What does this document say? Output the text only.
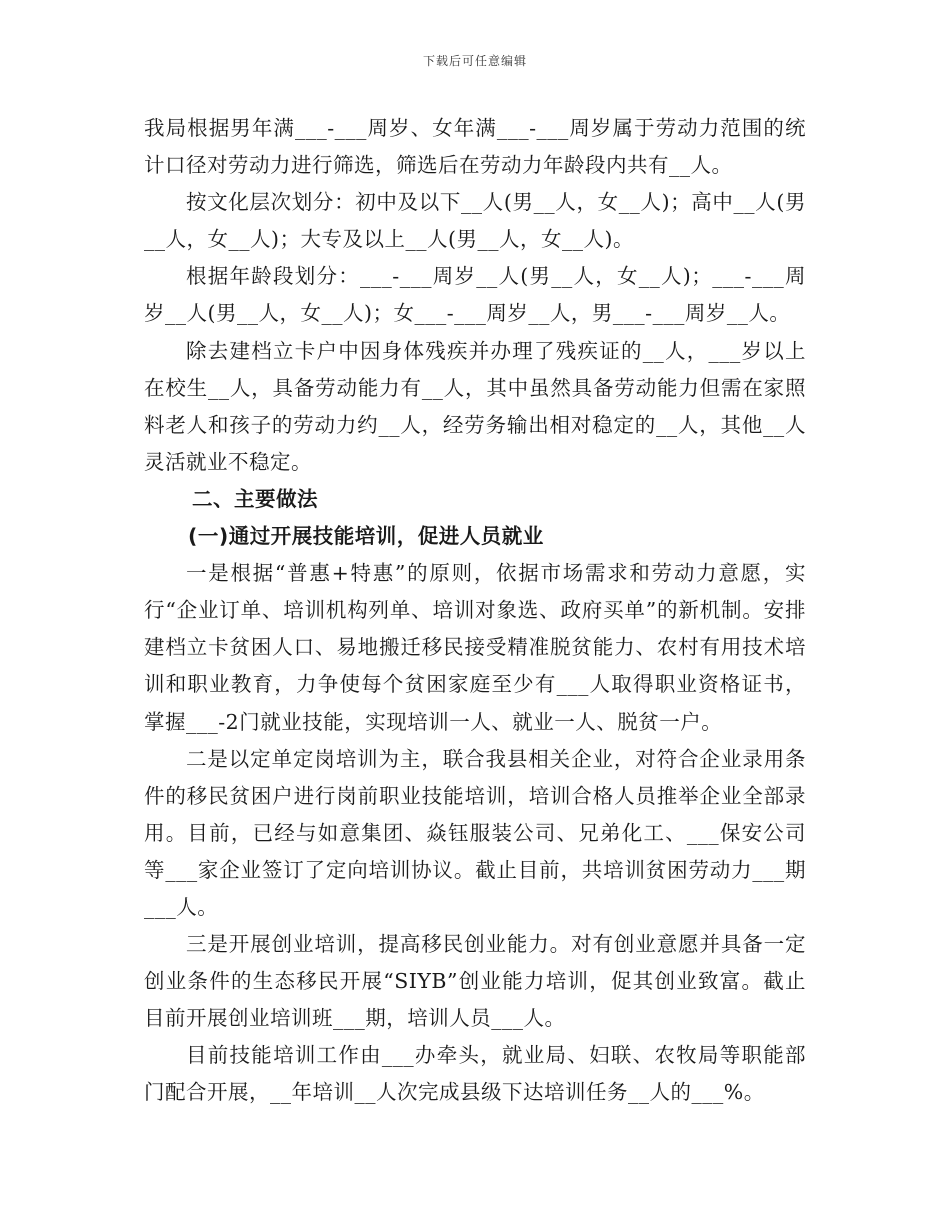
下载后可任意编辑

我局根据男年满___-___周岁、女年满___-___周岁属于劳动力范围的统计口径对劳动力进行筛选，筛选后在劳动力年龄段内共有__人。

按文化层次划分：初中及以下__人(男__人，女__人)；高中__人(男__人，女__人)；大专及以上__人(男__人，女__人)。

根据年龄段划分：___-___周岁__人(男__人，女__人)；___-___周岁__人(男__人，女__人)；女___-___周岁__人，男___-___周岁__人。

除去建档立卡户中因身体残疾并办理了残疾证的__人，___岁以上在校生__人，具备劳动能力有__人，其中虽然具备劳动能力但需在家照料老人和孩子的劳动力约__人，经劳务输出相对稳定的__人，其他__人灵活就业不稳定。

二、主要做法

(一)通过开展技能培训，促进人员就业

一是根据“普惠+特惠”的原则，依据市场需求和劳动力意愿，实行“企业订单、培训机构列单、培训对象选、政府买单”的新机制。安排建档立卡贫困人口、易地搬迁移民接受精准脱贫能力、农村有用技术培训和职业教育，力争使每个贫困家庭至少有___人取得职业资格证书，掌握___-2门就业技能，实现培训一人、就业一人、脱贫一户。

二是以定单定岗培训为主，联合我县相关企业，对符合企业录用条件的移民贫困户进行岗前职业技能培训，培训合格人员推举企业全部录用。目前，已经与如意集团、焱钰服装公司、兄弟化工、___保安公司等___家企业签订了定向培训协议。截止目前，共培训贫困劳动力___期___人。

三是开展创业培训，提高移民创业能力。对有创业意愿并具备一定创业条件的生态移民开展“SIYB”创业能力培训，促其创业致富。截止目前开展创业培训班___期，培训人员___人。

目前技能培训工作由___办牵头，就业局、妇联、农牧局等职能部门配合开展，__年培训__人次完成县级下达培训任务__人的___%。
